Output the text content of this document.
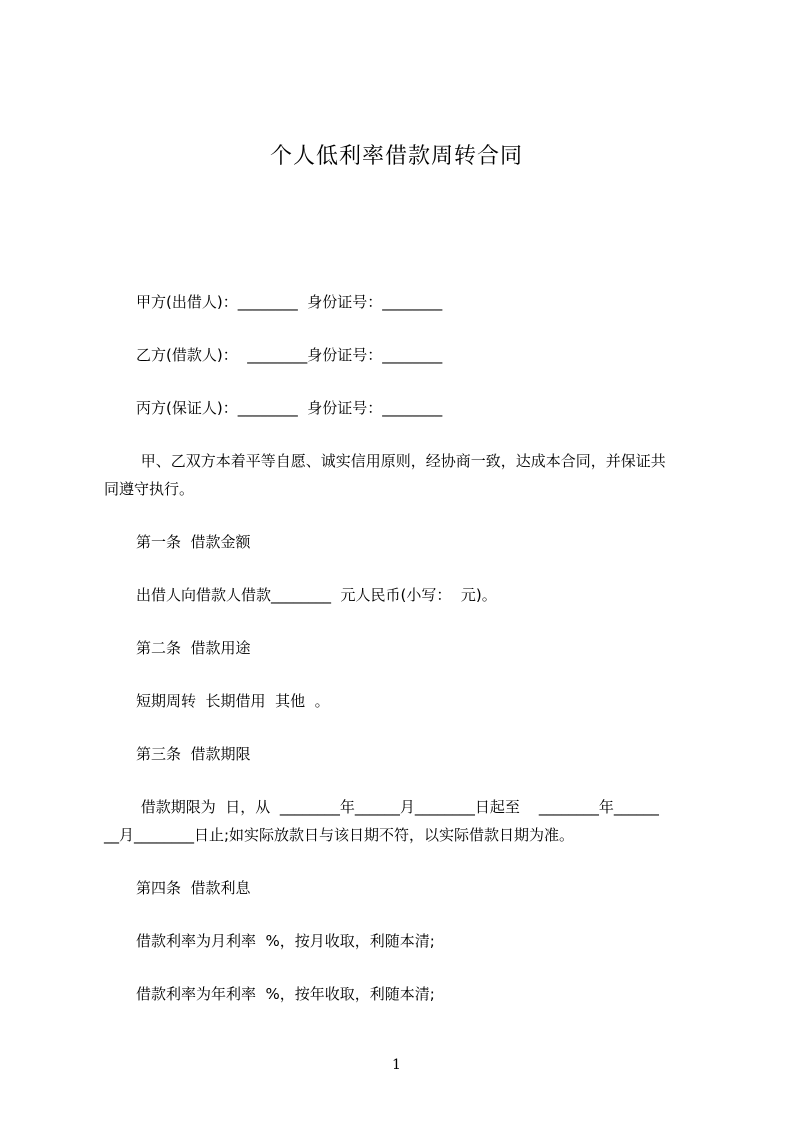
个人低利率借款周转合同
甲方(出借人)：________  身份证号：________
乙方(借款人)：  ________身份证号：________
丙方(保证人)：________  身份证号：________
甲、乙双方本着平等自愿、诚实信用原则，经协商一致，达成本合同，并保证共
同遵守执行。
第一条  借款金额
出借人向借款人借款________  元人民币(小写：  元)。
第二条  借款用途
短期周转  长期借用  其他  。
第三条  借款期限
借款期限为  日，从  ________年______月________日起至    ________年______
__月________日止;如实际放款日与该日期不符，以实际借款日期为准。
第四条  借款利息
借款利率为月利率  %，按月收取，利随本清;
借款利率为年利率  %，按年收取，利随本清;
1
